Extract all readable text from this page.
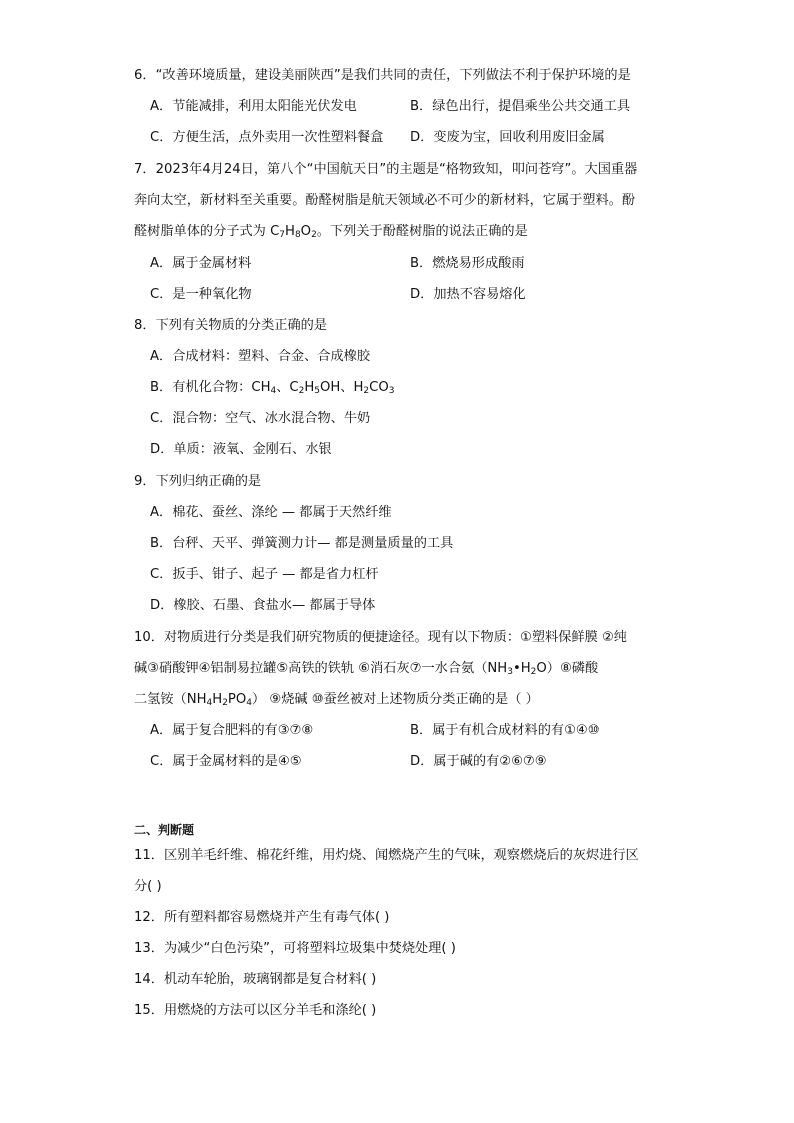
6．“改善环境质量，建设美丽陕西”是我们共同的责任，下列做法不利于保护环境的是
A．节能减排，利用太阳能光伏发电	B．绿色出行，提倡乘坐公共交通工具
C．方便生活，点外卖用一次性塑料餐盒 D．变废为宝，回收利用废旧金属
7．2023年4月24日，第八个“中国航天日”的主题是“格物致知，叩问苍穹”。大国重器
奔向太空，新材料至关重要。酚醛树脂是航天领域必不可少的新材料，它属于塑料。酚
醛树脂单体的分子式为 $C_7H_8O_2$。下列关于酚醛树脂的说法正确的是
A．属于金属材料	B．燃烧易形成酸雨
C．是一种氧化物	D．加热不容易熔化
8．下列有关物质的分类正确的是
A．合成材料：塑料、合金、合成橡胶
B．有机化合物：$CH_4$、$C_2H_5OH$、$H_2CO_3$
C．混合物：空气、冰水混合物、牛奶
D．单质：液氧、金刚石、水银
9．下列归纳正确的是
A．棉花、蚕丝、涤纶 — 都属于天然纤维
B．台秤、天平、弹簧测力计— 都是测量质量的工具
C．扳手、钳子、起子 — 都是省力杠杆
D．橡胶、石墨、食盐水— 都属于导体
10．对物质进行分类是我们研究物质的便捷途径。现有以下物质：①塑料保鲜膜 ②纯
碱③硝酸钾④铝制易拉罐⑤高铁的铁轨 ⑥消石灰⑦一水合氨$(NH_3•H_2O)⑧$磷酸
二氢铵$(NH_4H_2PO_4)$ ⑨烧碱 ⑩蚕丝被对上述物质分类正确的是（ ）
A．属于复合肥料的有③⑦⑧	B．属于有机合成材料的有①④⑩
C．属于金属材料的是④⑤	D．属于碱的有②⑥⑦⑨
二、判断题
11．区别羊毛纤维、棉花纤维，用灼烧、闻燃烧产生的气味，观察燃烧后的灰烬进行区
分( )
12．所有塑料都容易燃烧并产生有毒气体( )
13．为减少“白色污染”，可将塑料垃圾集中焚烧处理( )
14．机动车轮胎，玻璃钢都是复合材料( )
15．用燃烧的方法可以区分羊毛和涤纶( )
